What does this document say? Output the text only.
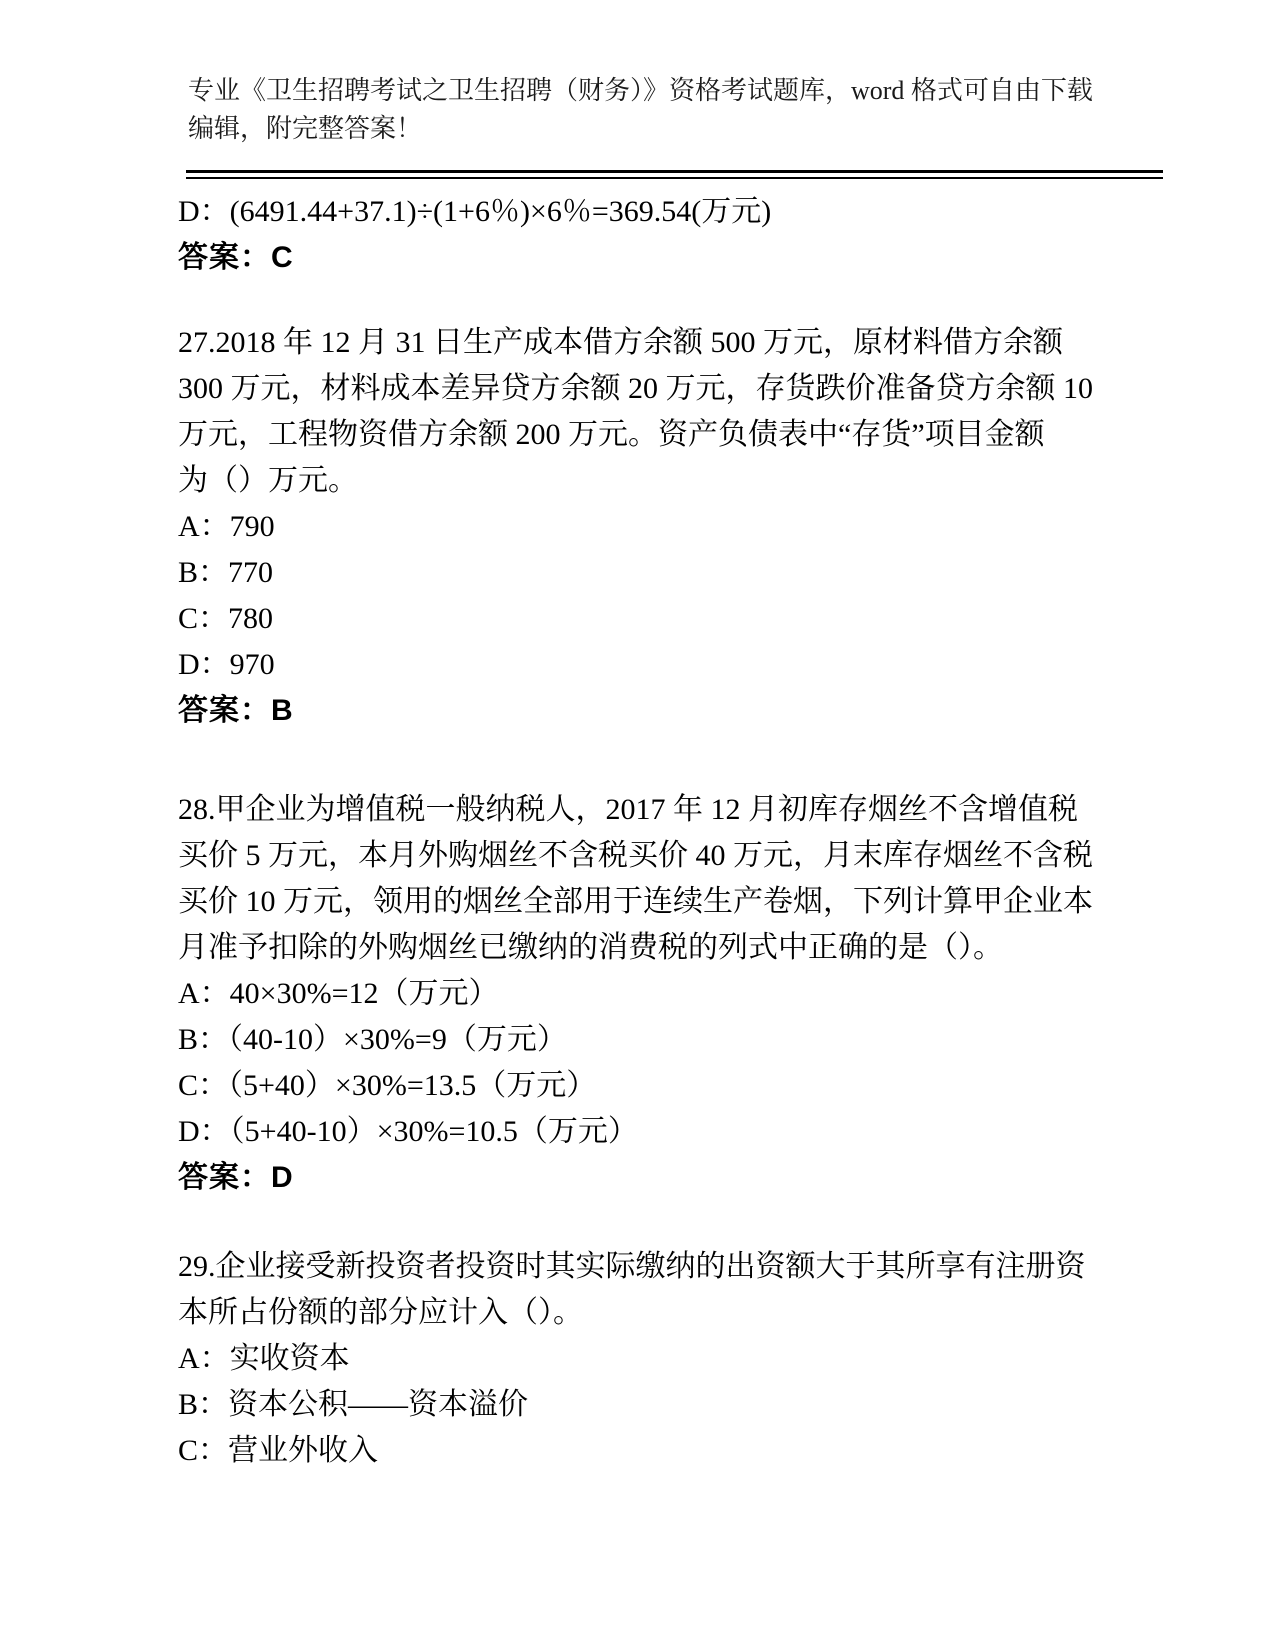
专业《卫生招聘考试之卫生招聘（财务）》资格考试题库，word 格式可自由下载
编辑，附完整答案！
D：(6491.44+37.1)÷(1+6％)×6％=369.54(万元)
答案：C
27.2018 年 12 月 31 日生产成本借方余额 500 万元，原材料借方余额
300 万元，材料成本差异贷方余额 20 万元，存货跌价准备贷方余额 10
万元，工程物资借方余额 200 万元。资产负债表中“存货”项目金额
为（）万元。
A：790
B：770
C：780
D：970
答案：B
28.甲企业为增值税一般纳税人，2017 年 12 月初库存烟丝不含增值税
买价 5 万元，本月外购烟丝不含税买价 40 万元，月末库存烟丝不含税
买价 10 万元，领用的烟丝全部用于连续生产卷烟，下列计算甲企业本
月准予扣除的外购烟丝已缴纳的消费税的列式中正确的是（）。
A：40×30%=12（万元）
B：（40-10）×30%=9（万元）
C：（5+40）×30%=13.5（万元）
D：（5+40-10）×30%=10.5（万元）
答案：D
29.企业接受新投资者投资时其实际缴纳的出资额大于其所享有注册资
本所占份额的部分应计入（）。
A：实收资本
B：资本公积——资本溢价
C：营业外收入
